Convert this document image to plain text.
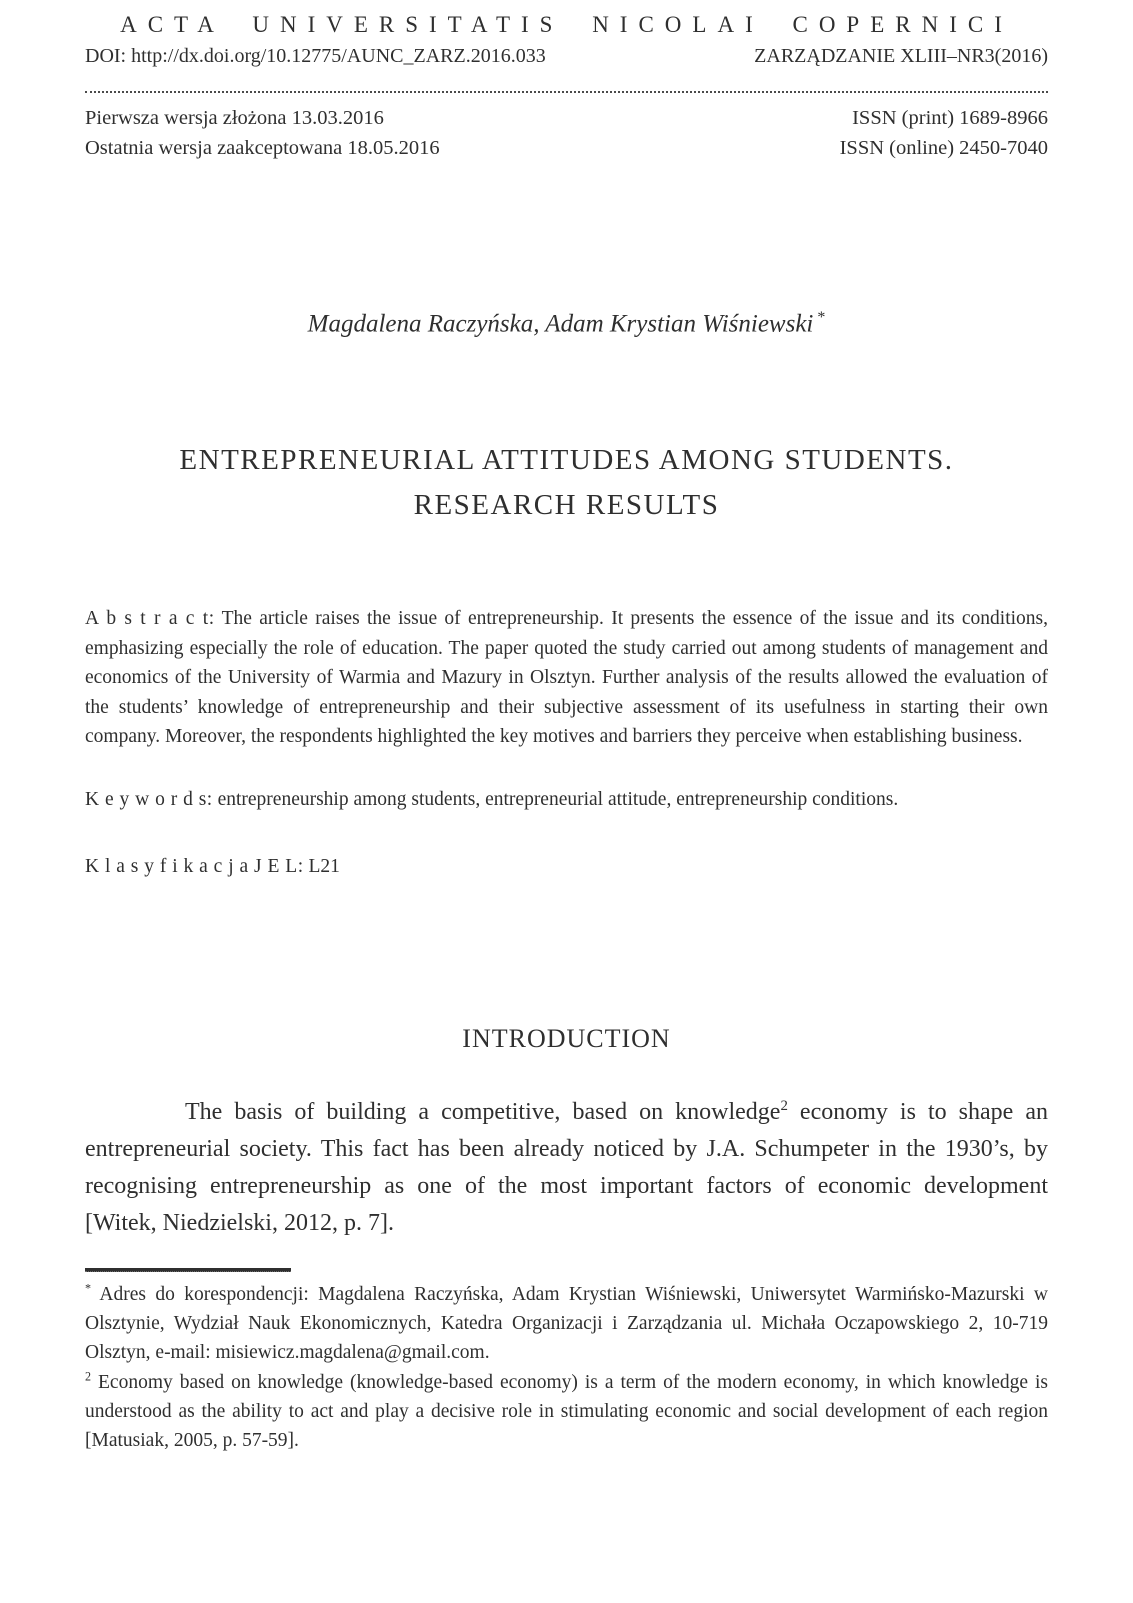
ACTA UNIVERSITATIS NICOLAI COPERNICI
DOI: http://dx.doi.org/10.12775/AUNC_ZARZ.2016.033	ZARZĄDZANIE XLIII–NR3(2016)
Pierwsza wersja złożona 13.03.2016
Ostatnia wersja zaakceptowana 18.05.2016
ISSN (print) 1689-8966
ISSN (online) 2450-7040
Magdalena Raczyńska, Adam Krystian Wiśniewski *
ENTREPRENEURIAL ATTITUDES AMONG STUDENTS.
RESEARCH RESULTS

A b s t r a c t: The article raises the issue of entrepreneurship. It presents the essence of the issue and its conditions, emphasizing especially the role of education. The paper quoted the study carried out among students of management and economics of the University of Warmia and Mazury in Olsztyn. Further analysis of the results allowed the evaluation of the students’ knowledge of entrepreneurship and their subjective assessment of its usefulness in starting their own company. Moreover, the respondents highlighted the key motives and barriers they perceive when establishing business.

K e y w o r d s: entrepreneurship among students, entrepreneurial attitude, entrepreneurship conditions.

K l a s y f i k a c j a J E L: L21

INTRODUCTION

The basis of building a competitive, based on knowledge$^2$ economy is to shape an entrepreneurial society. This fact has been already noticed by J.A. Schumpeter in the 1930’s, by recognising entrepreneurship as one of the most important factors of economic development [Witek, Niedzielski, 2012, p. 7].

* Adres do korespondencji: Magdalena Raczyńska, Adam Krystian Wiśniewski, Uniwersytet Warmińsko-Mazurski w Olsztynie, Wydział Nauk Ekonomicznych, Katedra Organizacji i Zarządzania ul. Michała Oczapowskiego 2, 10-719 Olsztyn, e-mail: misiewicz.magdalena@gmail.com.

$^2$ Economy based on knowledge (knowledge-based economy) is a term of the modern economy, in which knowledge is understood as the ability to act and play a decisive role in stimulating economic and social development of each region [Matusiak, 2005, p. 57-59].
